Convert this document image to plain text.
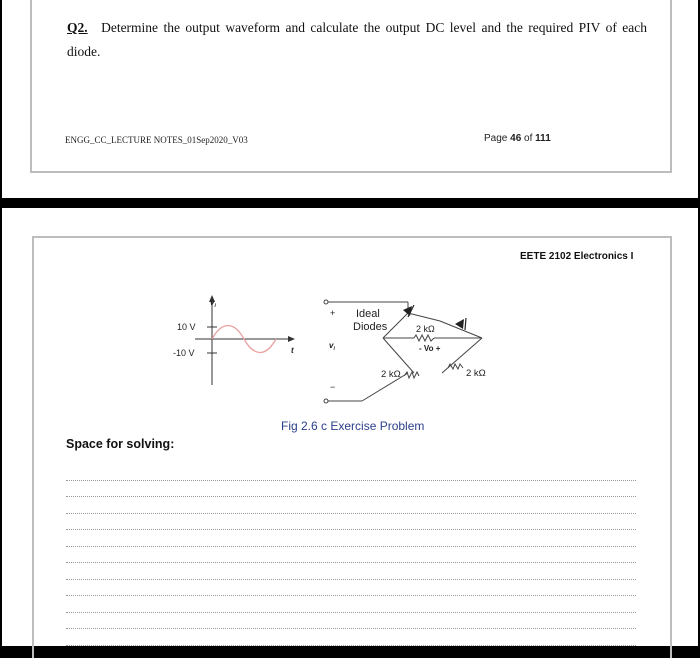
Q2. Determine the output waveform and calculate the output DC level and the required PIV of each diode.
ENGG_CC_LECTURE NOTES_01Sep2020_V03	Page 46 of 111
EETE 2102 Electronics I
$v_i$
t
10 V
-10 V
$v_i$
+
−
Ideal
Diodes	2 kΩ
- Vo +
2 kΩ	2 kΩ
Fig 2.6 c Exercise Problem
Space for solving:
